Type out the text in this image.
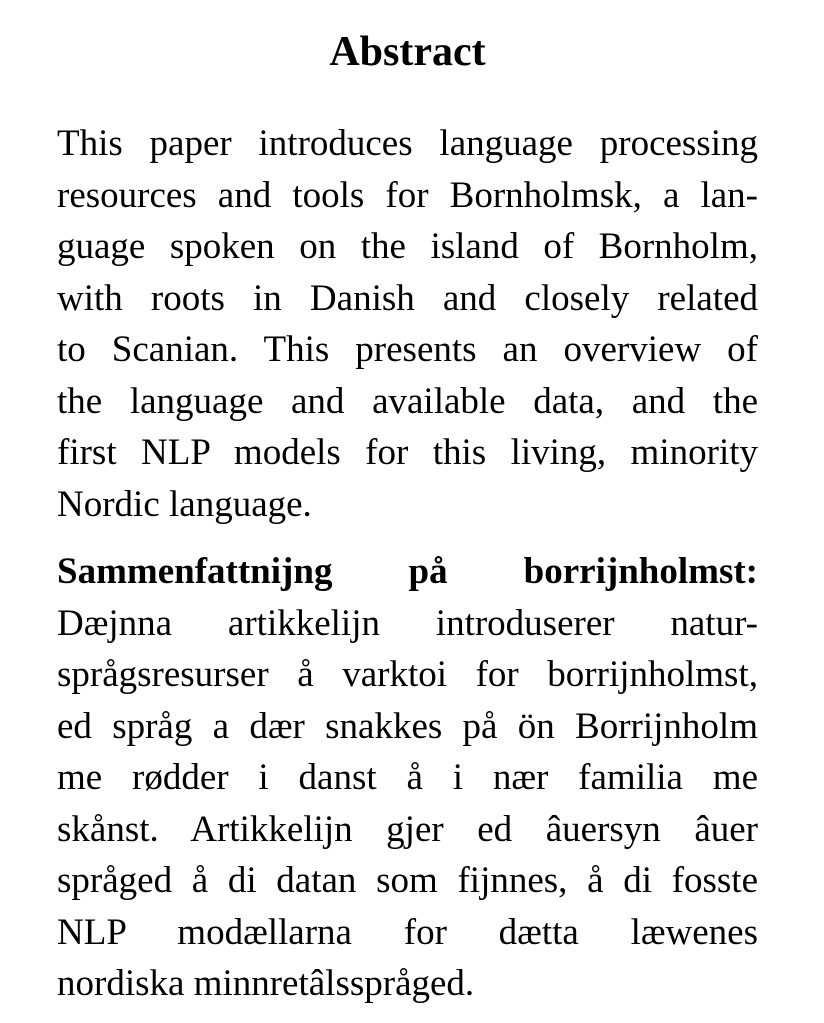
Abstract
This paper introduces language processing
resources and tools for Bornholmsk, a lan-
guage spoken on the island of Bornholm,
with roots in Danish and closely related
to Scanian. This presents an overview of
the language and available data, and the
first NLP models for this living, minority
Nordic language.
Sammenfattnijng på borrijnholmst:
Dæjnna artikkelijn introduserer natur-
språgsresurser å varktoi for borrijnholmst,
ed språg a dær snakkes på ön Borrijnholm
me rødder i danst å i nær familia me
skånst. Artikkelijn gjer ed âuersyn âuer
språged å di datan som fijnnes, å di fosste
NLP modællarna for dætta læwenes
nordiska minnretâlsspråged.
